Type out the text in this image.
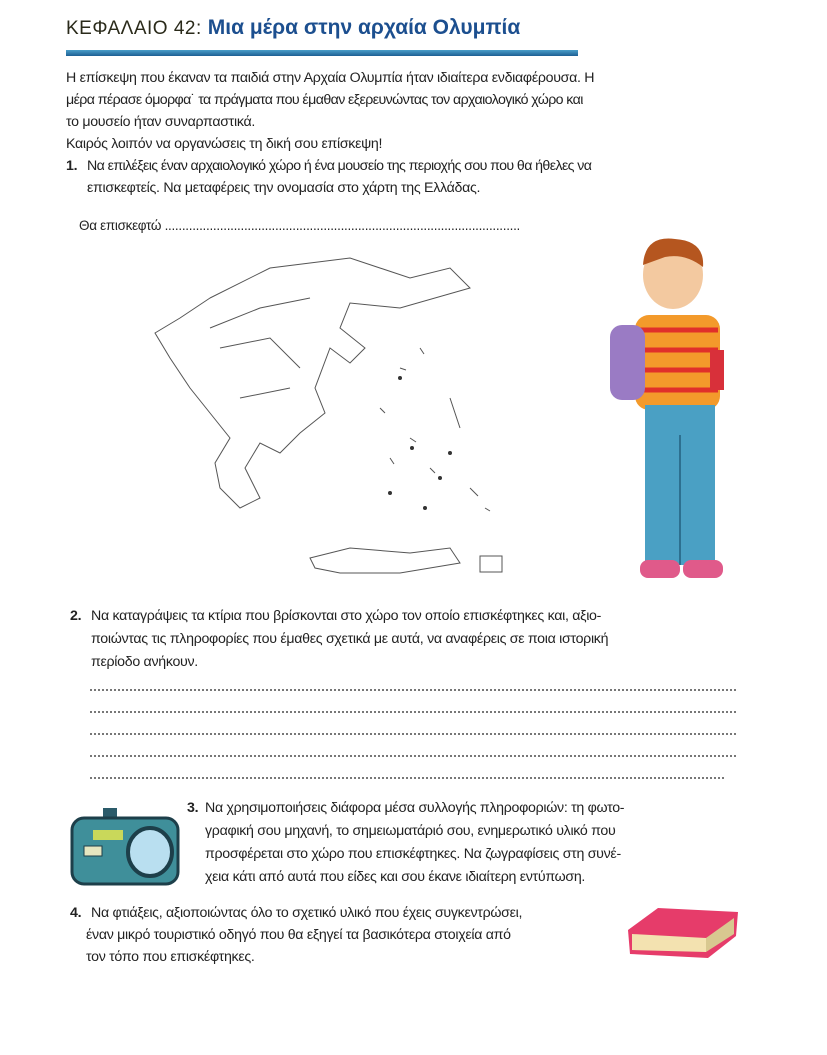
ΚΕΦΑΛΑΙΟ 42: Μια μέρα στην αρχαία Ολυμπία
Η επίσκεψη που έκαναν τα παιδιά στην Αρχαία Ολυμπία ήταν ιδιαίτερα ενδιαφέρουσα. Η
μέρα πέρασε όμορφα˙ τα πράγματα που έμαθαν εξερευνώντας τον αρχαιολογικό χώρο και
το μουσείο ήταν συναρπαστικά.
Καιρός λοιπόν να οργανώσεις τη δική σου επίσκεψη!
1. Να επιλέξεις έναν αρχαιολογικό χώρο ή ένα μουσείο της περιοχής σου που θα ήθελες να
επισκεφτείς. Να μεταφέρεις την ονομασία στο χάρτη της Ελλάδας.
Θα επισκεφτώ .......................................................................................................
2. Να καταγράψεις τα κτίρια που βρίσκονται στο χώρο τον οποίο επισκέφτηκες και, αξιο-
ποιώντας τις πληροφορίες που έμαθες σχετικά με αυτά, να αναφέρεις σε ποια ιστορική
περίοδο ανήκουν.
3. Να χρησιμοποιήσεις διάφορα μέσα συλλογής πληροφοριών: τη φωτο-
γραφική σου μηχανή, το σημειωματάριό σου, ενημερωτικό υλικό που
προσφέρεται στο χώρο που επισκέφτηκες. Να ζωγραφίσεις στη συνέ-
χεια κάτι από αυτά που είδες και σου έκανε ιδιαίτερη εντύπωση.
4. Να φτιάξεις, αξιοποιώντας όλο το σχετικό υλικό που έχεις συγκεντρώσει,
έναν μικρό τουριστικό οδηγό που θα εξηγεί τα βασικότερα στοιχεία από
τον τόπο που επισκέφτηκες.
